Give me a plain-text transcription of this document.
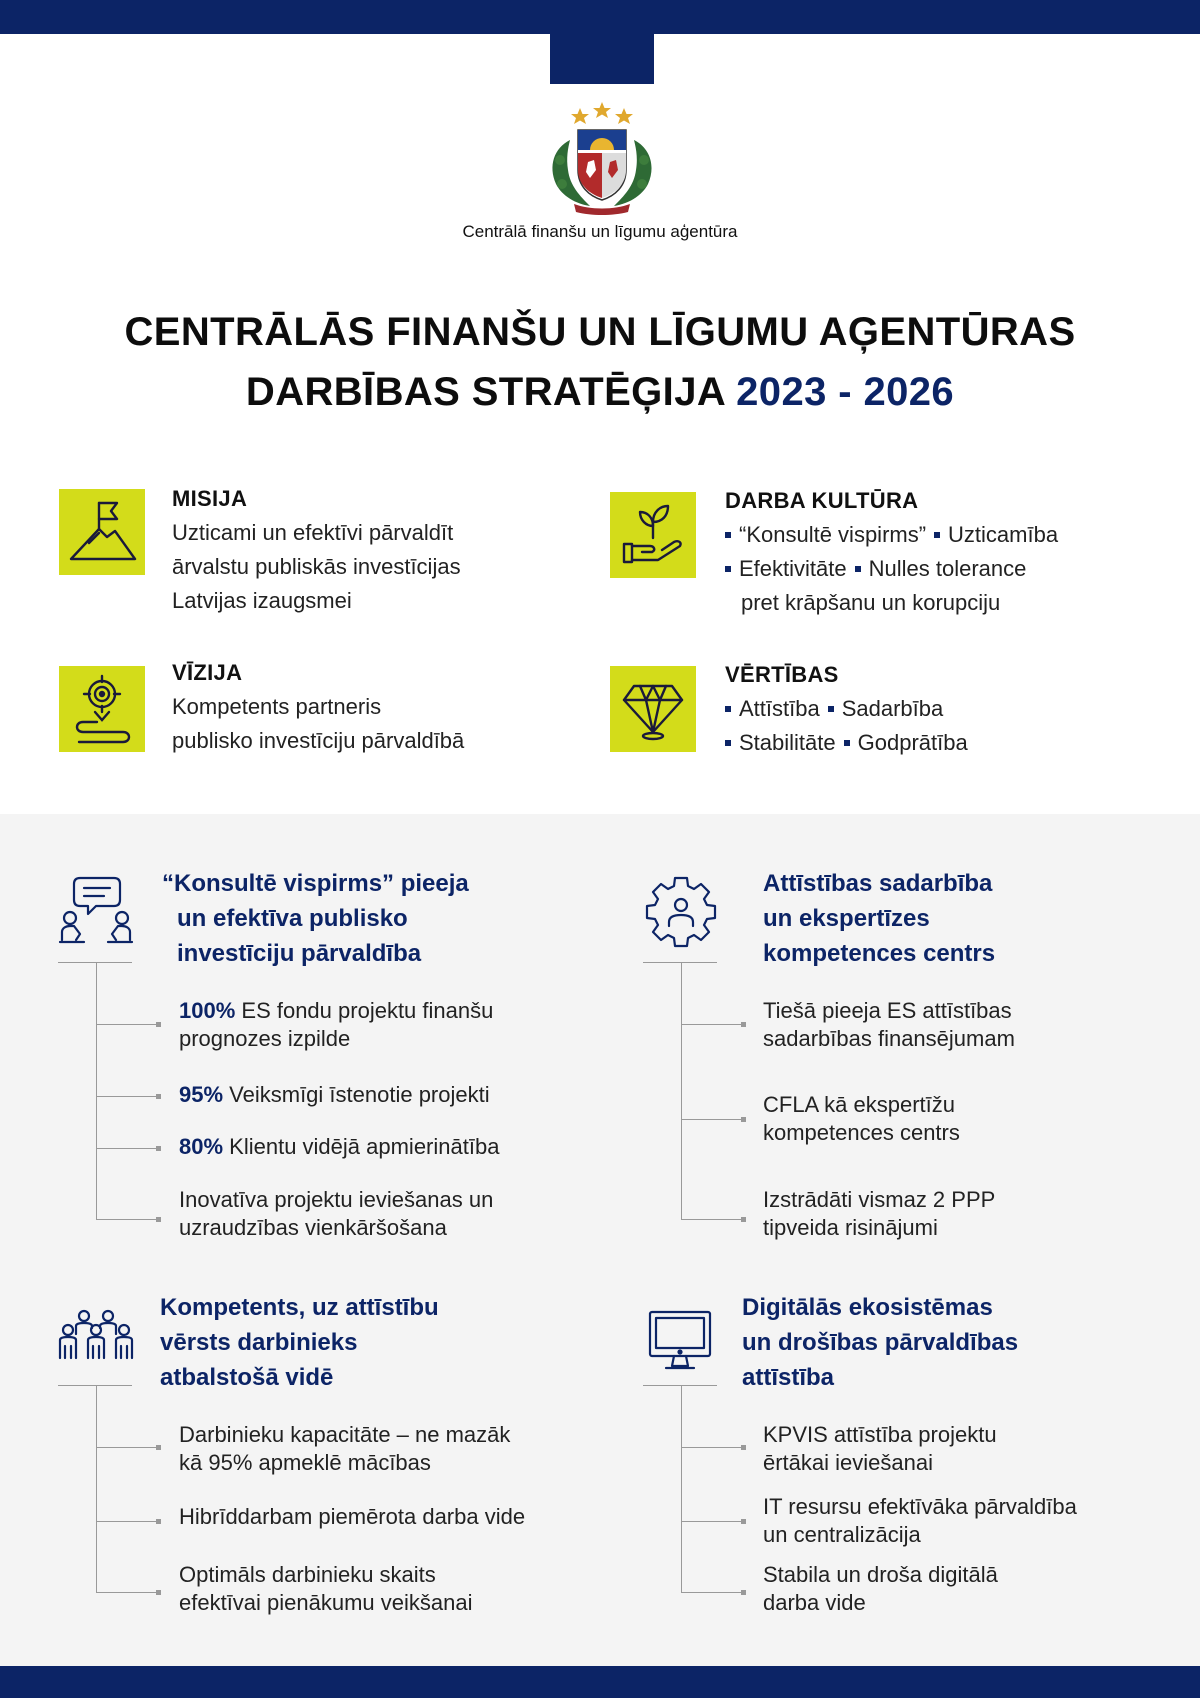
Centrālā finanšu un līgumu aģentūra
CENTRĀLĀS FINANŠU UN LĪGUMU AĢENTŪRAS
DARBĪBAS STRATĒĢIJA 2023 - 2026
MISIJA
Uzticami un efektīvi pārvaldīt
ārvalstu publiskās investīcijas
Latvijas izaugsmei
VĪZIJA
Kompetents partneris
publisko investīciju pārvaldībā
DARBA KULTŪRA
“Konsultē vispirms” Uzticamība
Efektivitāte Nulles tolerance
pret krāpšanu un korupciju
VĒRTĪBAS
Attīstība Sadarbība
Stabilitāte Godprātība
“Konsultē vispirms” pieeja
un efektīva publisko
investīciju pārvaldība
100% ES fondu projektu finanšu
prognozes izpilde
95% Veiksmīgi īstenotie projekti
80% Klientu vidējā apmierinātība
Inovatīva projektu ieviešanas un
uzraudzības vienkāršošana
Attīstības sadarbība
un ekspertīzes
kompetences centrs
Tiešā pieeja ES attīstības
sadarbības finansējumam
CFLA kā ekspertīžu
kompetences centrs
Izstrādāti vismaz 2 PPP
tipveida risinājumi
Kompetents, uz attīstību
vērsts darbinieks
atbalstošā vidē
Darbinieku kapacitāte – ne mazāk
kā 95% apmeklē mācības
Hibrīddarbam piemērota darba vide
Optimāls darbinieku skaits
efektīvai pienākumu veikšanai
Digitālās ekosistēmas
un drošības pārvaldības
attīstība
KPVIS attīstība projektu
ērtākai ieviešanai
IT resursu efektīvāka pārvaldība
un centralizācija
Stabila un droša digitālā
darba vide
